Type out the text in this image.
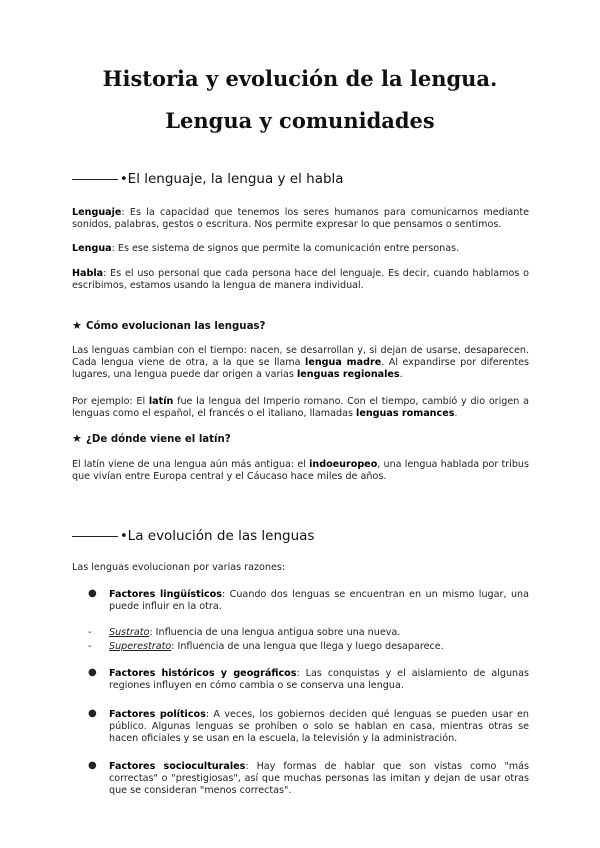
Historia y evolución de la lengua. Lengua y comunidades
•El lenguaje, la lengua y el habla
Lenguaje: Es la capacidad que tenemos los seres humanos para comunicarnos mediante sonidos, palabras, gestos o escritura. Nos permite expresar lo que pensamos o sentimos.
Lengua: Es ese sistema de signos que permite la comunicación entre personas.
Habla: Es el uso personal que cada persona hace del lenguaje. Es decir, cuando hablamos o escribimos, estamos usando la lengua de manera individual.
★ Cómo evolucionan las lenguas?
Las lenguas cambian con el tiempo: nacen, se desarrollan y, si dejan de usarse, desaparecen. Cada lengua viene de otra, a la que se llama lengua madre. Al expandirse por diferentes lugares, una lengua puede dar origen a varias lenguas regionales.
Por ejemplo: El latín fue la lengua del Imperio romano. Con el tiempo, cambió y dio origen a lenguas como el español, el francés o el italiano, llamadas lenguas romances.
★ ¿De dónde viene el latín?
El latín viene de una lengua aún más antigua: el indoeuropeo, una lengua hablada por tribus que vivían entre Europa central y el Cáucaso hace miles de años.
•La evolución de las lenguas
Las lenguas evolucionan por varias razones:
● Factores lingüísticos: Cuando dos lenguas se encuentran en un mismo lugar, una puede influir en la otra.
- Sustrato: Influencia de una lengua antigua sobre una nueva.
- Superestrato: Influencia de una lengua que llega y luego desaparece.
● Factores históricos y geográficos: Las conquistas y el aislamiento de algunas regiones influyen en cómo cambia o se conserva una lengua.
● Factores políticos: A veces, los gobiernos deciden qué lenguas se pueden usar en público. Algunas lenguas se prohíben o solo se hablan en casa, mientras otras se hacen oficiales y se usan en la escuela, la televisión y la administración.
● Factores socioculturales: Hay formas de hablar que son vistas como "más correctas" o "prestigiosas", así que muchas personas las imitan y dejan de usar otras que se consideran "menos correctas".
